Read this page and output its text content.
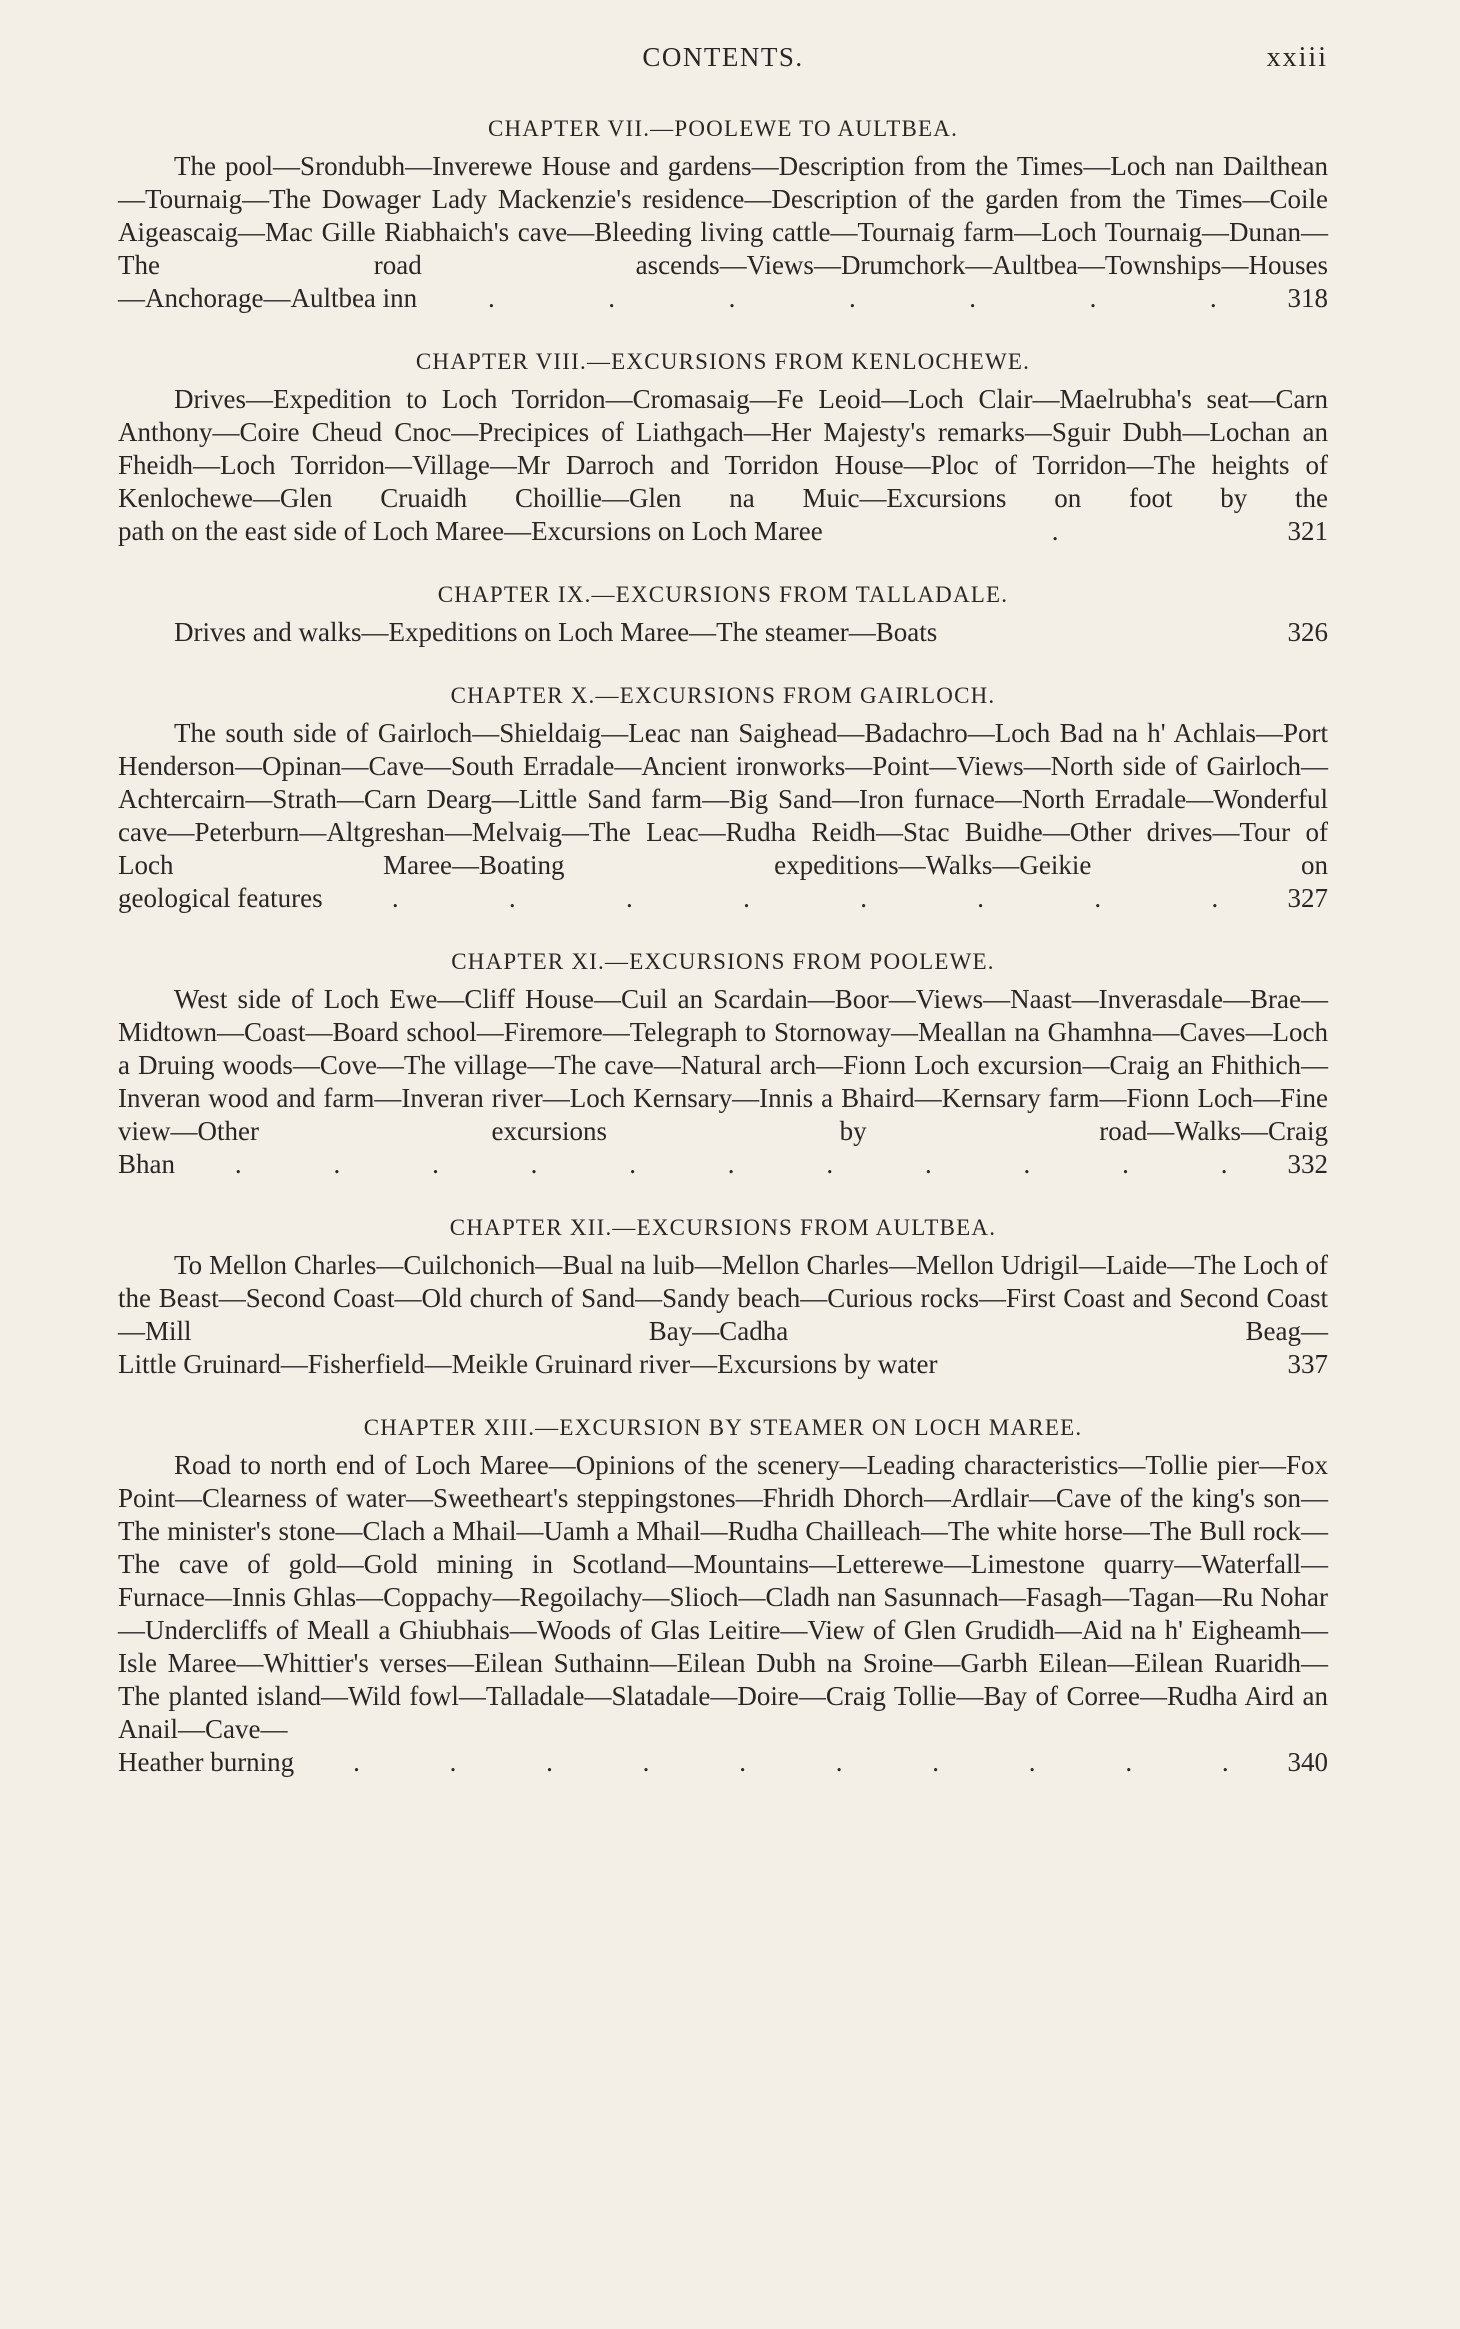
CONTENTS.	xxiii
CHAPTER VII.—POOLEWE TO AULTBEA.
The pool—Srondubh—Inverewe House and gardens—Description from the Times—Loch nan Dailthean—Tournaig—The Dowager Lady Mackenzie's residence—Description of the garden from the Times—Coile Aigeascaig—Mac Gille Riabhaich's cave—Bleeding living cattle—Tournaig farm—Loch Tournaig—Dunan—The road ascends—Views—Drumchork—Aultbea—Townships—Houses
—Anchorage—Aultbea inn	.	.	.	.	.	.	.	318
CHAPTER VIII.—EXCURSIONS FROM KENLOCHEWE.
Drives—Expedition to Loch Torridon—Cromasaig—Fe Leoid—Loch Clair—Maelrubha's seat—Carn Anthony—Coire Cheud Cnoc—Precipices of Liathgach—Her Majesty's remarks—Sguir Dubh—Lochan an Fheidh—Loch Torridon—Village—Mr Darroch and Torridon House—Ploc of Torridon—The heights of Kenlochewe—Glen Cruaidh Choillie—Glen na Muic—Excursions on foot by the
path on the east side of Loch Maree—Excursions on Loch Maree	.	321
CHAPTER IX.—EXCURSIONS FROM TALLADALE.
Drives and walks—Expeditions on Loch Maree—The steamer—Boats	326
CHAPTER X.—EXCURSIONS FROM GAIRLOCH.
The south side of Gairloch—Shieldaig—Leac nan Saighead—Badachro—Loch Bad na h' Achlais—Port Henderson—Opinan—Cave—South Erradale—Ancient ironworks—Point—Views—North side of Gairloch—Achtercairn—Strath—Carn Dearg—Little Sand farm—Big Sand—Iron furnace—North Erradale—Wonderful cave—Peterburn—Altgreshan—Melvaig—The Leac—Rudha Reidh—Stac Buidhe—Other drives—Tour of Loch Maree—Boating expeditions—Walks—Geikie on
geological features	.	.	.	.	.	.	.	.	327
CHAPTER XI.—EXCURSIONS FROM POOLEWE.
West side of Loch Ewe—Cliff House—Cuil an Scardain—Boor—Views—Naast—Inverasdale—Brae—Midtown—Coast—Board school—Firemore—Telegraph to Stornoway—Meallan na Ghamhna—Caves—Loch a Druing woods—Cove—The village—The cave—Natural arch—Fionn Loch excursion—Craig an Fhithich—Inveran wood and farm—Inveran river—Loch Kernsary—Innis a Bhaird—Kernsary farm—Fionn Loch—Fine view—Other excursions by road—Walks—Craig
Bhan .	.	.	.	.	.	.	.	.	.	. 332
CHAPTER XII.—EXCURSIONS FROM AULTBEA.
To Mellon Charles—Cuilchonich—Bual na luib—Mellon Charles—Mellon Udrigil—Laide—The Loch of the Beast—Second Coast—Old church of Sand—Sandy beach—Curious rocks—First Coast and Second Coast—Mill Bay—Cadha Beag—
Little Gruinard—Fisherfield—Meikle Gruinard river—Excursions by water	337
CHAPTER XIII.—EXCURSION BY STEAMER ON LOCH MAREE.
Road to north end of Loch Maree—Opinions of the scenery—Leading characteristics—Tollie pier—Fox Point—Clearness of water—Sweetheart's steppingstones—Fhridh Dhorch—Ardlair—Cave of the king's son—The minister's stone—Clach a Mhail—Uamh a Mhail—Rudha Chailleach—The white horse—The Bull rock—The cave of gold—Gold mining in Scotland—Mountains—Letterewe—Limestone quarry—Waterfall—Furnace—Innis Ghlas—Coppachy—Regoilachy—Slioch—Cladh nan Sasunnach—Fasagh—Tagan—Ru Nohar—Undercliffs of Meall a Ghiubhais—Woods of Glas Leitire—View of Glen Grudidh—Aid na h' Eigheamh—Isle Maree—Whittier's verses—Eilean Suthainn—Eilean Dubh na Sroine—Garbh Eilean—Eilean Ruaridh—The planted island—Wild fowl—Talladale—Slatadale—Doire—Craig Tollie—Bay of Corree—Rudha Aird an Anail—Cave—
Heather burning .	.	.	.	.	.	.	.	.	. 340
